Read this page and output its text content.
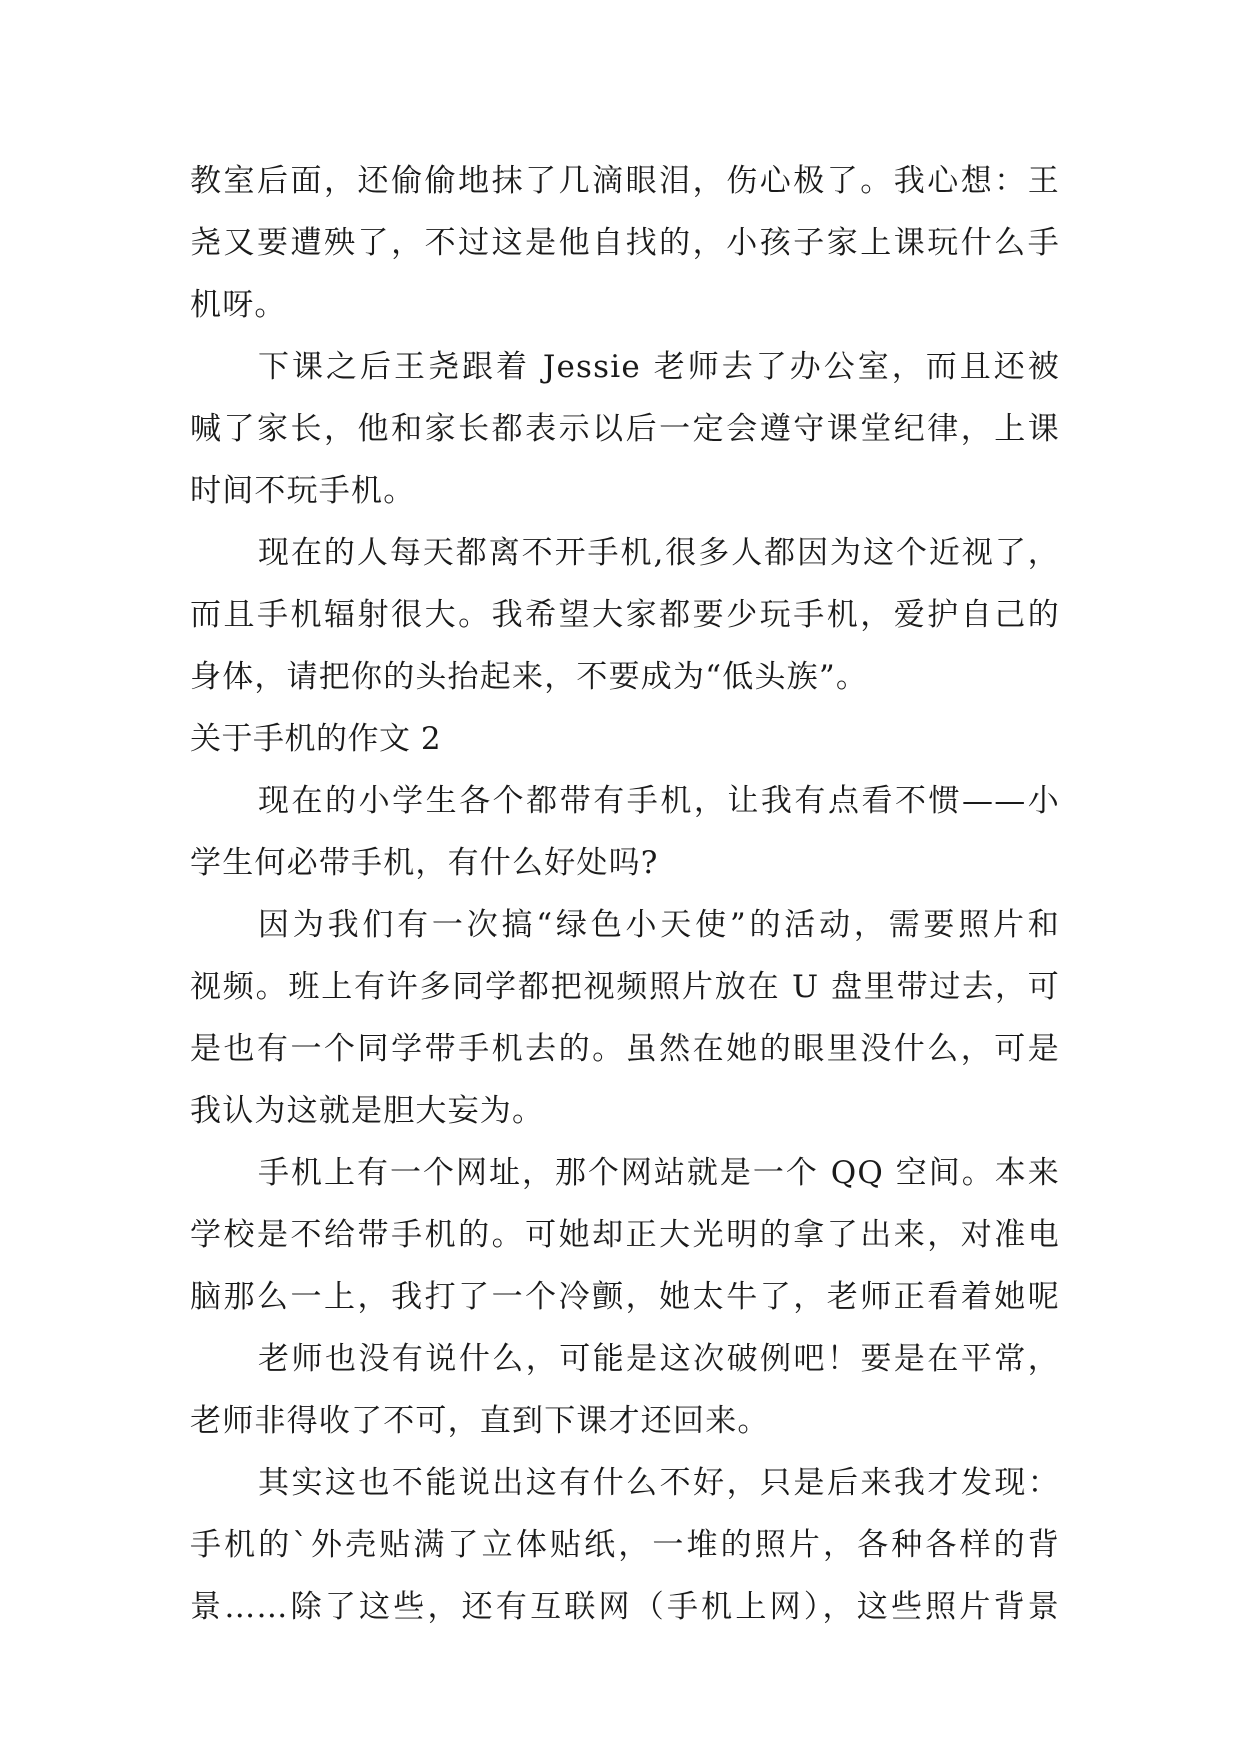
教室后面，还偷偷地抹了几滴眼泪，伤心极了。我心想：王
尧又要遭殃了，不过这是他自找的，小孩子家上课玩什么手
机呀。
下课之后王尧跟着 Jessie 老师去了办公室，而且还被
喊了家长，他和家长都表示以后一定会遵守课堂纪律，上课
时间不玩手机。
现在的人每天都离不开手机,很多人都因为这个近视了，
而且手机辐射很大。我希望大家都要少玩手机，爱护自己的
身体，请把你的头抬起来，不要成为“低头族”。
关于手机的作文 2
现在的小学生各个都带有手机，让我有点看不惯——小
学生何必带手机，有什么好处吗?
因为我们有一次搞“绿色小天使”的活动，需要照片和
视频。班上有许多同学都把视频照片放在 U 盘里带过去，可
是也有一个同学带手机去的。虽然在她的眼里没什么，可是
我认为这就是胆大妄为。
手机上有一个网址，那个网站就是一个 QQ 空间。本来
学校是不给带手机的。可她却正大光明的拿了出来，对准电
脑那么一上，我打了一个冷颤，她太牛了，老师正看着她呢
老师也没有说什么，可能是这次破例吧！要是在平常，
老师非得收了不可，直到下课才还回来。
其实这也不能说出这有什么不好，只是后来我才发现：
手机的`外壳贴满了立体贴纸，一堆的照片，各种各样的背
景……除了这些，还有互联网（手机上网），这些照片背景
